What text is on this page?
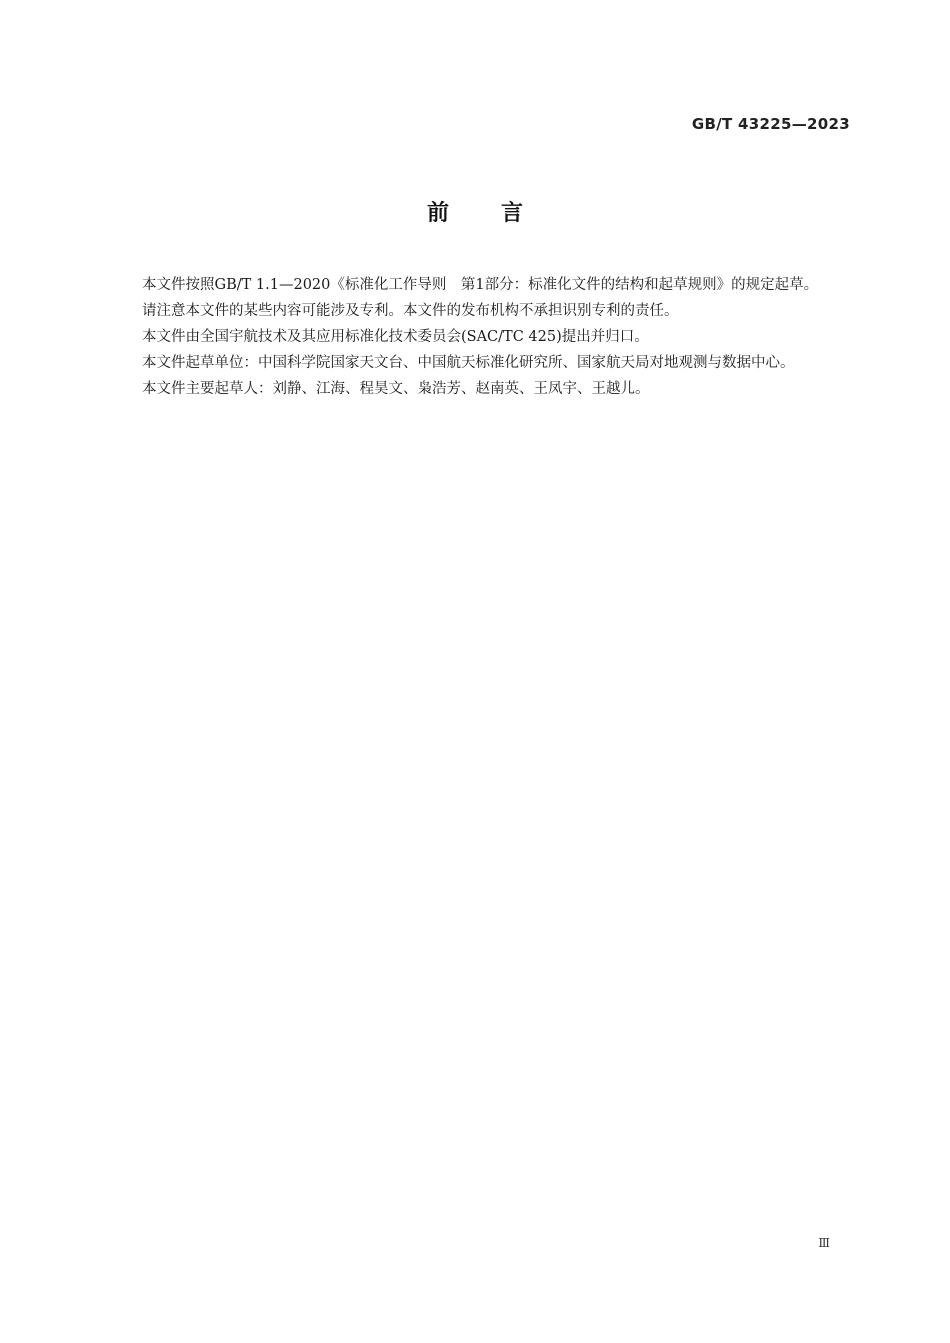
GB/T 43225—2023
前言

本文件按照GB/T 1.1—2020《标准化工作导则　第1部分：标准化文件的结构和起草规则》的规定起草。

请注意本文件的某些内容可能涉及专利。本文件的发布机构不承担识别专利的责任。

本文件由全国宇航技术及其应用标准化技术委员会(SAC/TC 425)提出并归口。

本文件起草单位：中国科学院国家天文台、中国航天标准化研究所、国家航天局对地观测与数据中心。

本文件主要起草人：刘静、江海、程昊文、枭浩芳、赵南英、王凤宇、王越儿。

Ⅲ
